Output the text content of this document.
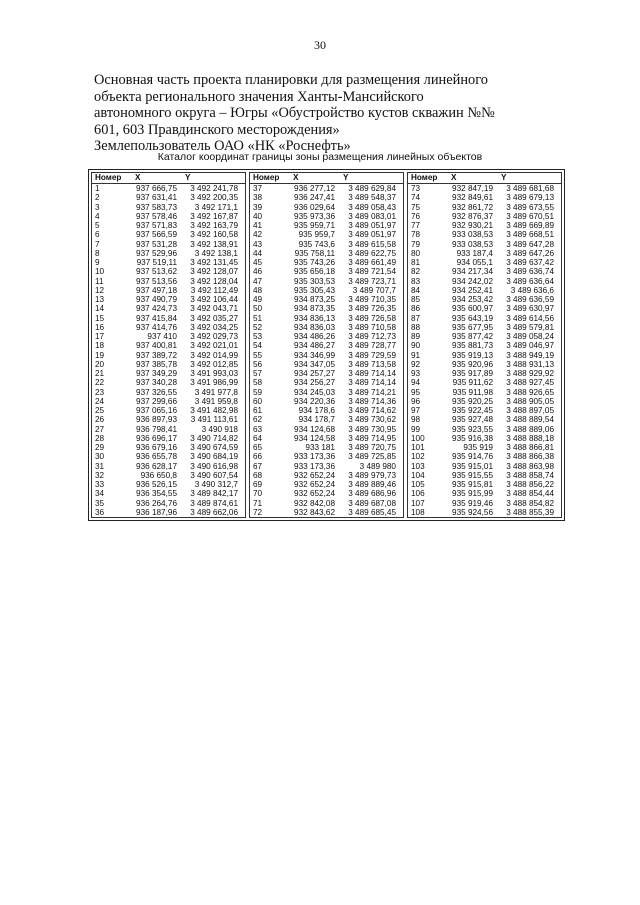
30
Основная часть проекта планировки для размещения линейного
объекта регионального значения Ханты-Мансийского
автономного округа – Югры «Обустройство кустов скважин №№
601, 603 Правдинского месторождения»
Землепользователь ОАО «НК «Роснефть»
Каталог координат границы зоны размещения линейных объектов
Номер	X	Y
1	937 666,75	3 492 241,78
2	937 631,41	3 492 200,35
3	937 583,73	3 492 171,1
4	937 578,46	3 492 167,87
5	937 571,83	3 492 163,79
6	937 566,59	3 492 160,58
7	937 531,28	3 492 138,91
8	937 529,96	3 492 138,1
9	937 519,11	3 492 131,45
10	937 513,62	3 492 128,07
11	937 513,56	3 492 128,04
12	937 497,18	3 492 112,49
13	937 490,79	3 492 106,44
14	937 424,73	3 492 043,71
15	937 415,84	3 492 035,27
16	937 414,76	3 492 034,25
17	937 410	3 492 029,73
18	937 400,81	3 492 021,01
19	937 389,72	3 492 014,99
20	937 385,78	3 492 012,85
21	937 349,29	3 491 993,03
22	937 340,28	3 491 986,99
23	937 326,55	3 491 977,8
24	937 299,66	3 491 959,8
25	937 065,16	3 491 482,98
26	936 897,93	3 491 113,61
27	936 798,41	3 490 918
28	936 696,17	3 490 714,82
29	936 679,16	3 490 674,59
30	936 655,78	3 490 684,19
31	936 628,17	3 490 616,98
32	936 650,8	3 490 607,54
33	936 526,15	3 490 312,7
34	936 354,55	3 489 842,17
35	936 264,76	3 489 874,61
36	936 187,96	3 489 662,06
Номер	X	Y
37	936 277,12	3 489 629,84
38	936 247,41	3 489 548,37
39	936 029,64	3 489 058,43
40	935 973,36	3 489 083,01
41	935 959,71	3 489 051,97
42	935 959,7	3 489 051,97
43	935 743,6	3 489 615,58
44	935 758,11	3 489 622,75
45	935 743,26	3 489 661,49
46	935 656,18	3 489 721,54
47	935 303,53	3 489 723,71
48	935 305,43	3 489 707,7
49	934 873,25	3 489 710,35
50	934 873,35	3 489 726,35
51	934 836,13	3 489 726,58
52	934 836,03	3 489 710,58
53	934 486,26	3 489 712,73
54	934 486,27	3 489 728,77
55	934 346,99	3 489 729,59
56	934 347,05	3 489 713,58
57	934 257,27	3 489 714,14
58	934 256,27	3 489 714,14
59	934 245,03	3 489 714,21
60	934 220,36	3 489 714,36
61	934 178,6	3 489 714,62
62	934 178,7	3 489 730,62
63	934 124,68	3 489 730,95
64	934 124,58	3 489 714,95
65	933 181	3 489 720,75
66	933 173,36	3 489 725,85
67	933 173,36	3 489 980
68	932 652,24	3 489 979,73
69	932 652,24	3 489 889,46
70	932 652,24	3 489 686,96
71	932 842,08	3 489 687,08
72	932 843,62	3 489 685,45
Номер	X	Y
73	932 847,19	3 489 681,68
74	932 849,61	3 489 679,13
75	932 861,72	3 489 673,55
76	932 876,37	3 489 670,51
77	932 930,21	3 489 669,89
78	933 038,53	3 489 668,51
79	933 038,53	3 489 647,28
80	933 187,4	3 489 647,26
81	934 055,1	3 489 637,42
82	934 217,34	3 489 636,74
83	934 242,02	3 489 636,64
84	934 252,41	3 489 636,6
85	934 253,42	3 489 636,59
86	935 600,97	3 489 630,97
87	935 643,19	3 489 614,56
88	935 677,95	3 489 579,81
89	935 877,42	3 489 058,24
90	935 881,73	3 489 046,97
91	935 919,13	3 488 949,19
92	935 920,96	3 488 931,13
93	935 917,89	3 488 929,92
94	935 911,62	3 488 927,45
95	935 911,98	3 488 926,65
96	935 920,25	3 488 905,05
97	935 922,45	3 488 897,05
98	935 927,48	3 488 889,54
99	935 923,55	3 488 889,06
100	935 916,38	3 488 888,18
101	935 919	3 488 866,81
102	935 914,76	3 488 866,38
103	935 915,01	3 488 863,98
104	935 915,55	3 488 858,74
105	935 915,81	3 488 856,22
106	935 915,99	3 488 854,44
107	935 919,46	3 488 854,82
108	935 924,56	3 488 855,39
